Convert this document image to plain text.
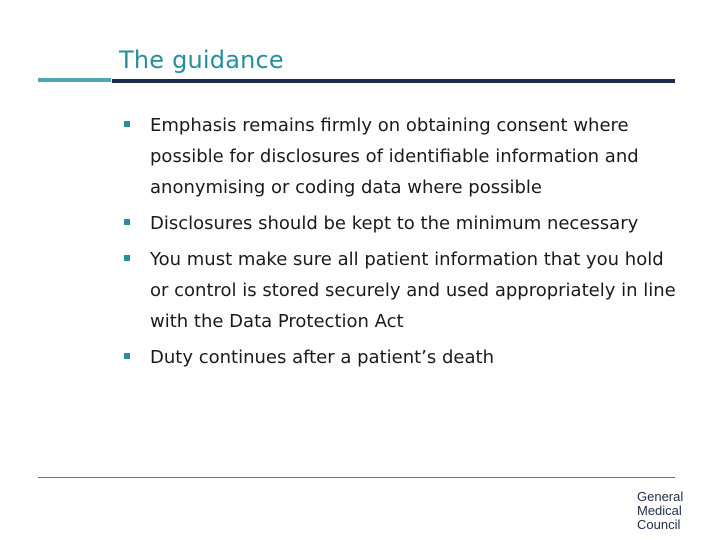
The guidance
Emphasis remains firmly on obtaining consent where possible for disclosures of identifiable information and anonymising or coding data where possible
Disclosures should be kept to the minimum necessary
You must make sure all patient information that you hold or control is stored securely and used appropriately in line with the Data Protection Act
Duty continues after a patient’s death
General
Medical
Council
